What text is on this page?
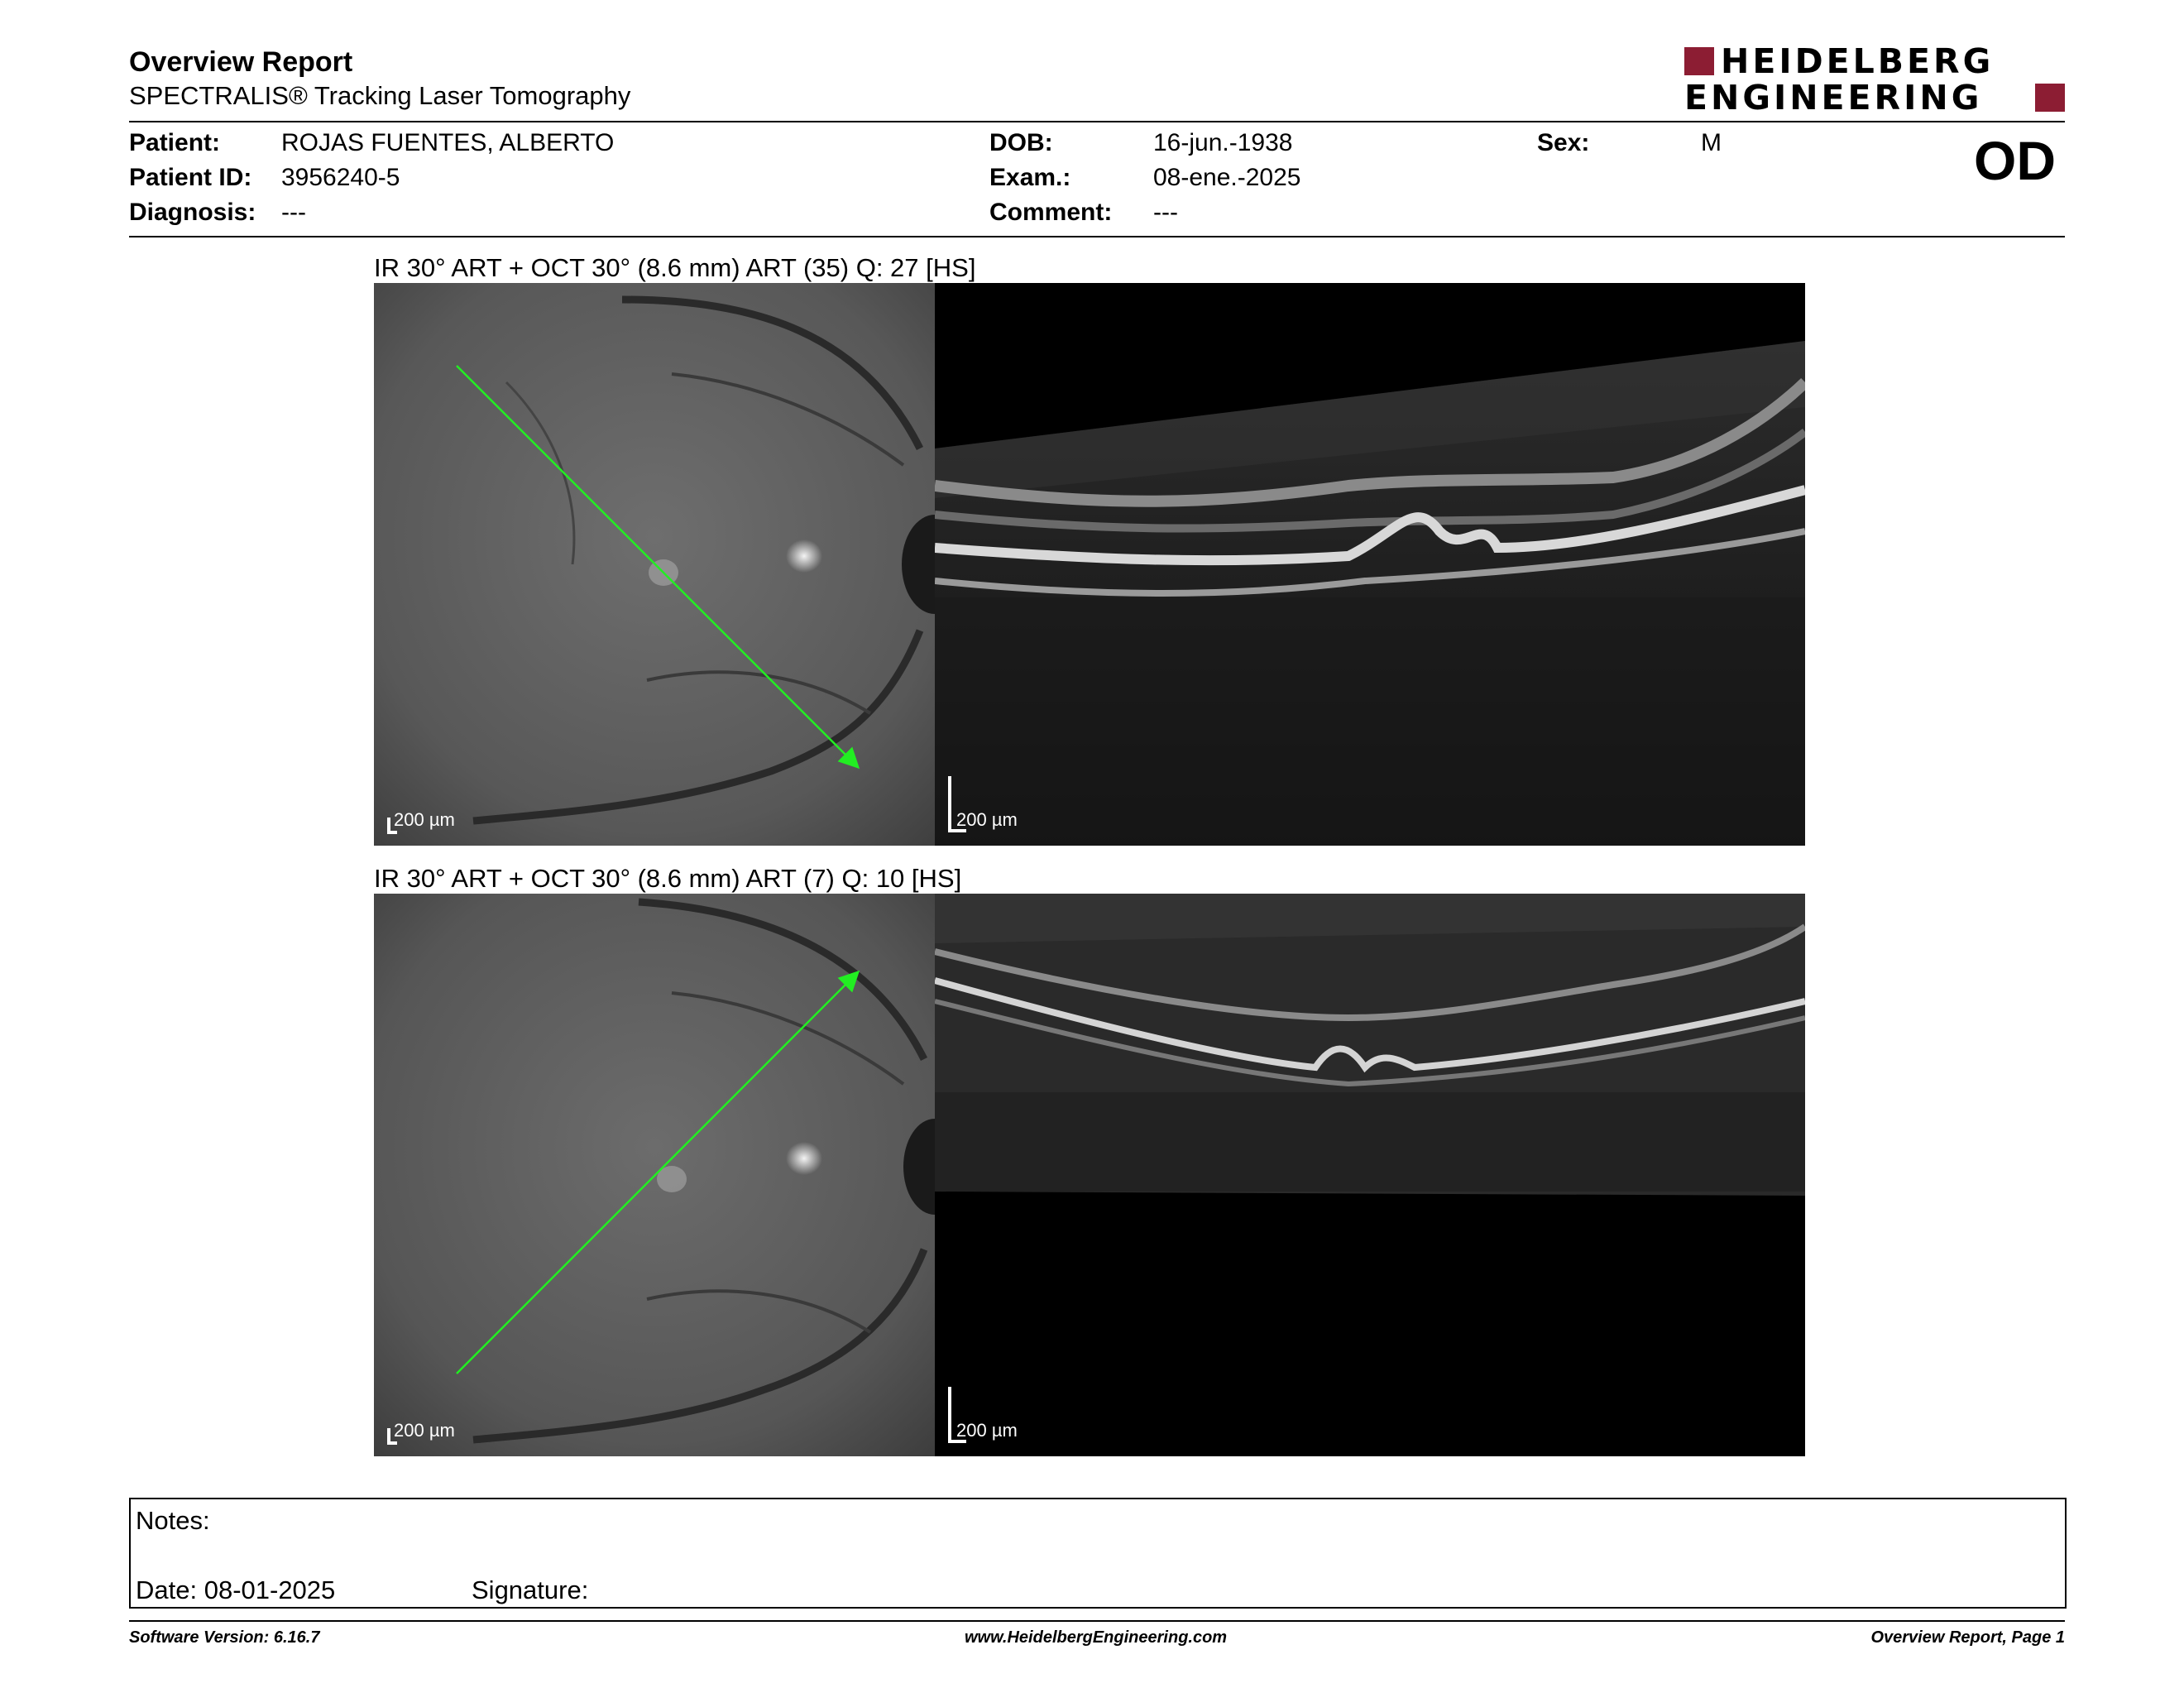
Overview Report
SPECTRALIS® Tracking Laser Tomography
HEIDELBERG
ENGINEERING
Patient: ROJAS FUENTES, ALBERTO
Patient ID: 3956240-5
Diagnosis: ---
DOB:	16-jun.-1938
Exam.:	08-ene.-2025
Comment: ---
Sex:	M	OD
IR 30° ART + OCT 30° (8.6 mm) ART (35) Q: 27 [HS]
200 µm	200 µm
IR 30° ART + OCT 30° (8.6 mm) ART (7) Q: 10 [HS]
200 µm	200 µm
Notes:
Date: 08-01-2025	Signature:
Software Version: 6.16.7	www.HeidelbergEngineering.com	Overview Report, Page 1
